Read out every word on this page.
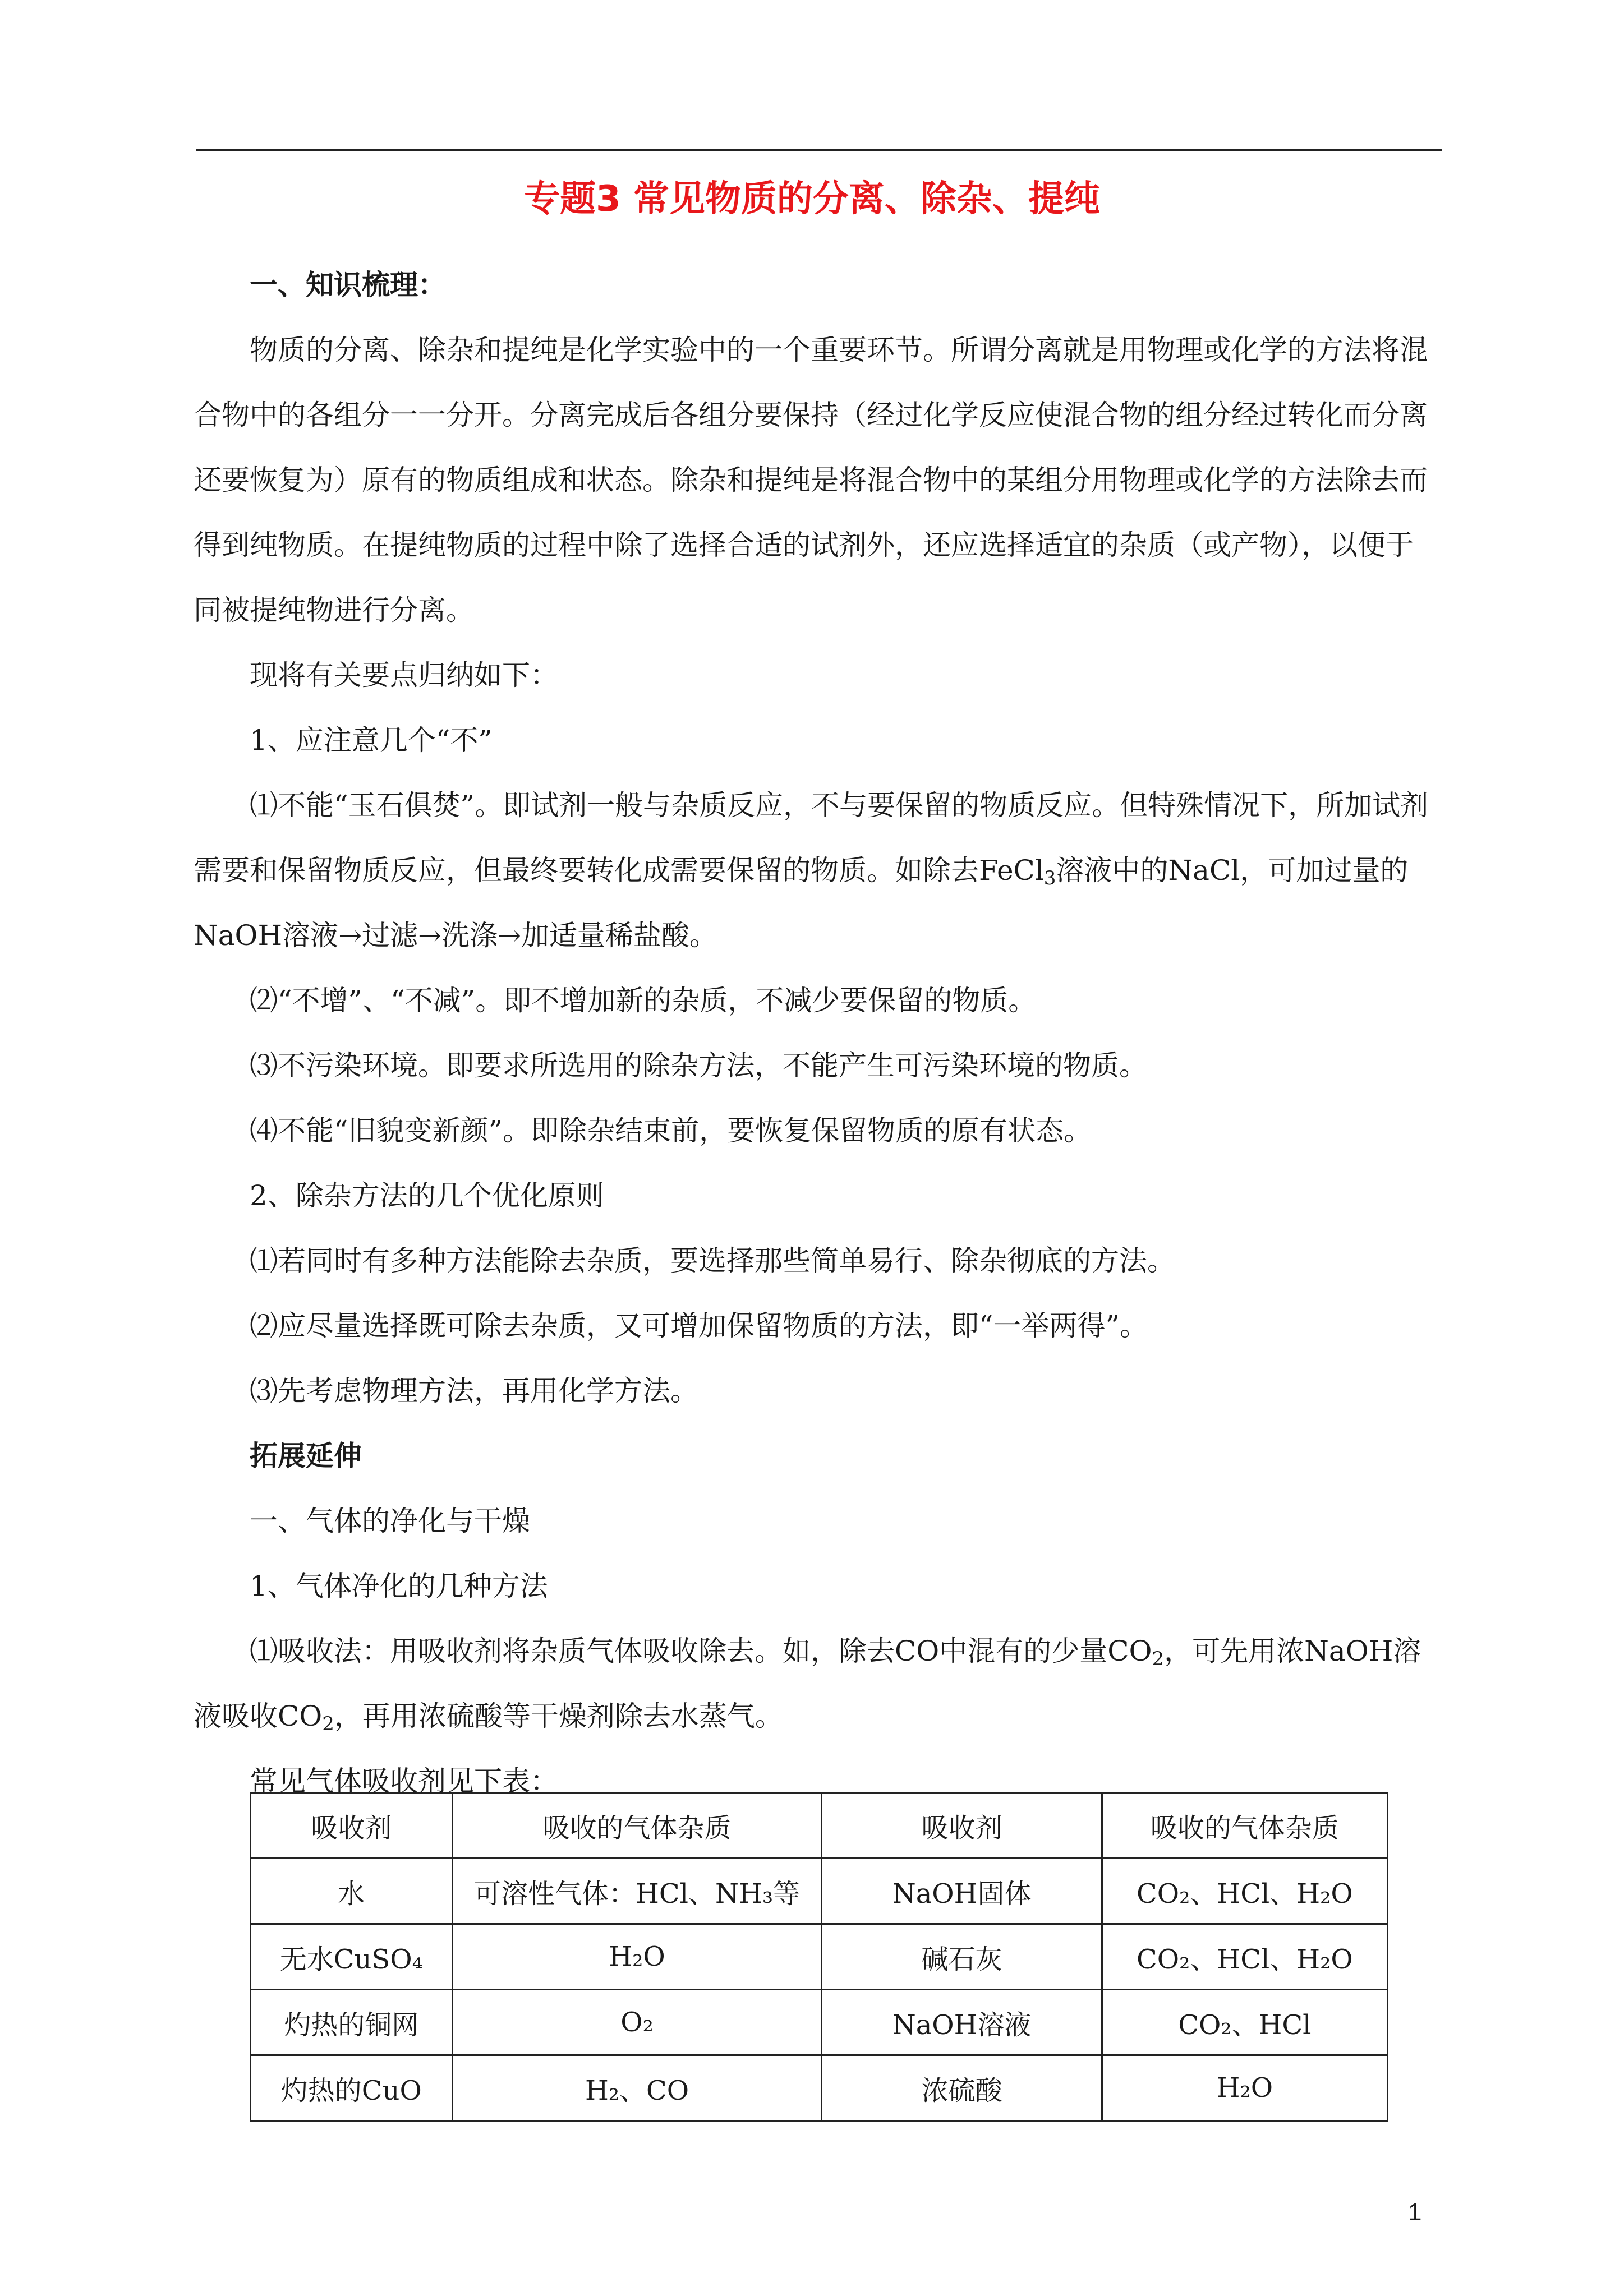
专题3 常见物质的分离、除杂、提纯

一、知识梳理：

物质的分离、除杂和提纯是化学实验中的一个重要环节。所谓分离就是用物理或化学的方法将混合物中的各组分一一分开。分离完成后各组分要保持（经过化学反应使混合物的组分经过转化而分离还要恢复为）原有的物质组成和状态。除杂和提纯是将混合物中的某组分用物理或化学的方法除去而得到纯物质。在提纯物质的过程中除了选择合适的试剂外，还应选择适宜的杂质（或产物），以便于同被提纯物进行分离。

现将有关要点归纳如下：

1、应注意几个“不”

⑴不能“玉石俱焚”。即试剂一般与杂质反应，不与要保留的物质反应。但特殊情况下，所加试剂需要和保留物质反应，但最终要转化成需要保留的物质。如除去FeCl$_3$溶液中的NaCl，可加过量的NaOH溶液→过滤→洗涤→加适量稀盐酸。

⑵“不增”、“不减”。即不增加新的杂质，不减少要保留的物质。

⑶不污染环境。即要求所选用的除杂方法，不能产生可污染环境的物质。

⑷不能“旧貌变新颜”。即除杂结束前，要恢复保留物质的原有状态。

2、除杂方法的几个优化原则

⑴若同时有多种方法能除去杂质，要选择那些简单易行、除杂彻底的方法。

⑵应尽量选择既可除去杂质，又可增加保留物质的方法，即“一举两得”。

⑶先考虑物理方法，再用化学方法。

拓展延伸

一、气体的净化与干燥

1、气体净化的几种方法

⑴吸收法：用吸收剂将杂质气体吸收除去。如，除去CO中混有的少量$CO_2$，可先用浓NaOH溶液吸收$CO_2$，再用浓硫酸等干燥剂除去水蒸气。

常见气体吸收剂见下表：

吸收剂	吸收的气体杂质	吸收剂	吸收的气体杂质
水	可溶性气体：HCl、NH₃等	NaOH固体	CO₂、HCl、H₂O
无水CuSO₄	H₂O	碱石灰	CO₂、HCl、H₂O
灼热的铜网	O₂	NaOH溶液	CO₂、HCl
灼热的CuO	H₂、CO	浓硫酸	H₂O
1
